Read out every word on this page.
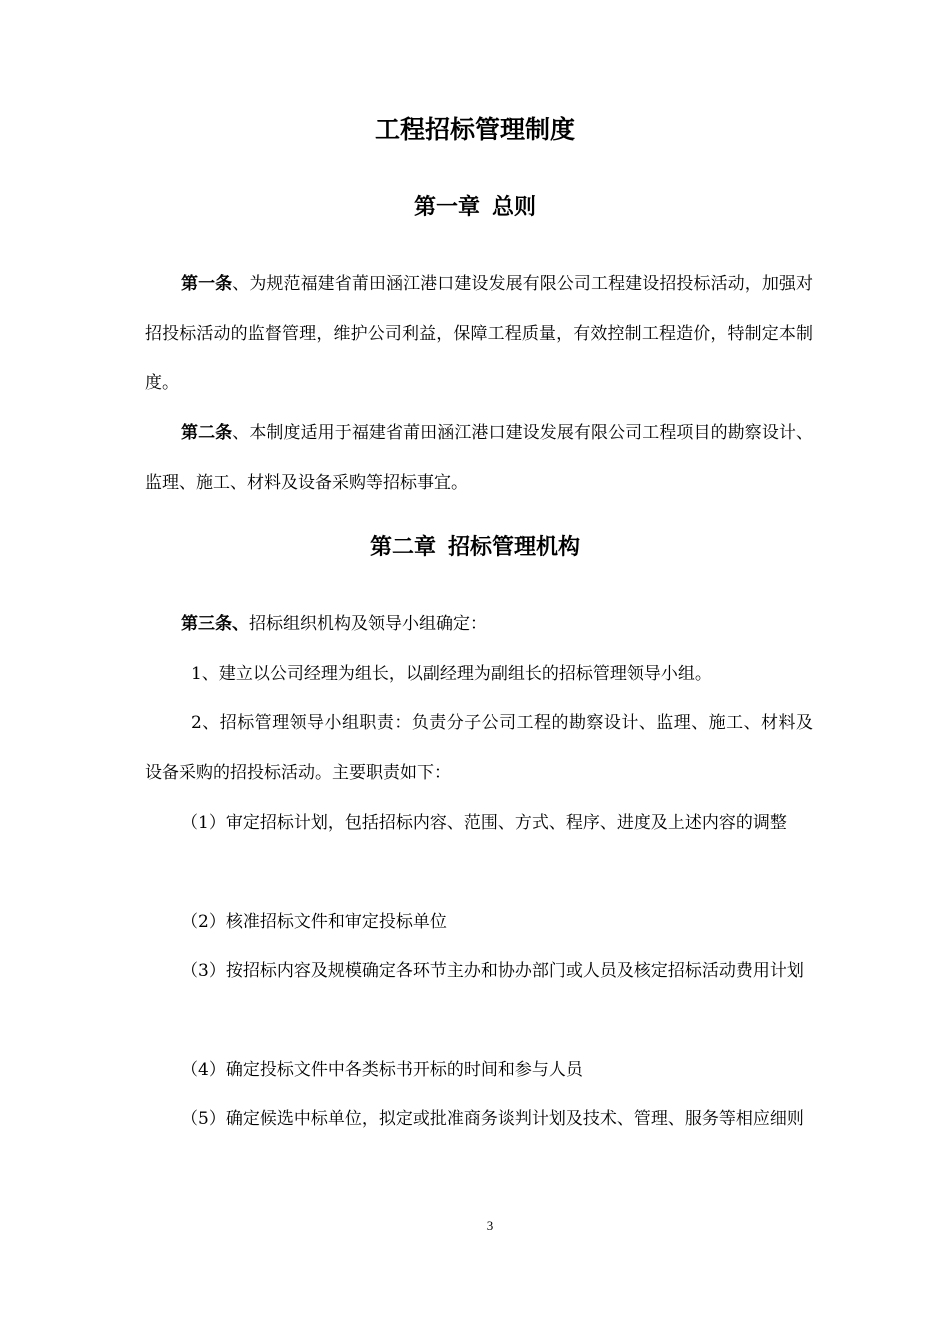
工程招标管理制度
第一章 总则

第一条、为规范福建省莆田涵江港口建设发展有限公司工程建设招投标活动，加强对招投标活动的监督管理，维护公司利益，保障工程质量，有效控制工程造价，特制定本制度。

第二条、本制度适用于福建省莆田涵江港口建设发展有限公司工程项目的勘察设计、监理、施工、材料及设备采购等招标事宜。

第二章 招标管理机构

第三条、招标组织机构及领导小组确定：

1、建立以公司经理为组长，以副经理为副组长的招标管理领导小组。

2、招标管理领导小组职责：负责分子公司工程的勘察设计、监理、施工、材料及设备采购的招投标活动。主要职责如下：

（1）审定招标计划，包括招标内容、范围、方式、程序、进度及上述内容的调整

（2）核准招标文件和审定投标单位

（3）按招标内容及规模确定各环节主办和协办部门或人员及核定招标活动费用计划

（4）确定投标文件中各类标书开标的时间和参与人员

（5）确定候选中标单位，拟定或批准商务谈判计划及技术、管理、服务等相应细则

3
